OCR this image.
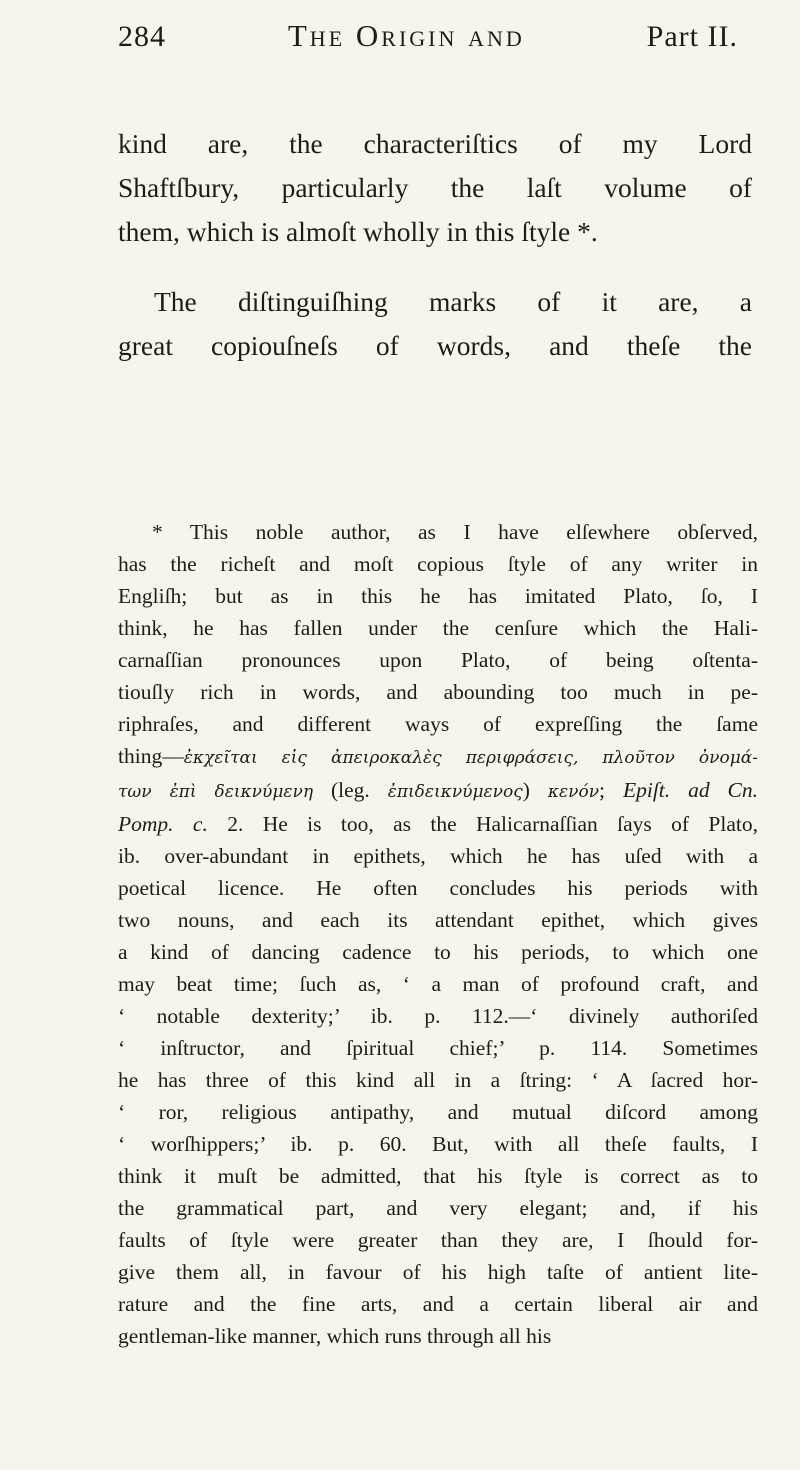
284	The Origin and	Part II.
kind are, the characteriſtics of my Lord
Shaftſbury, particularly the laſt volume of
them, which is almoſt wholly in this ſtyle *.
The diſtinguiſhing marks of it are, a
great copiouſneſs of words, and theſe the
* This noble author, as I have elſewhere obſerved,
has the richeſt and moſt copious ſtyle of any writer in
Engliſh; but as in this he has imitated Plato, ſo, I
think, he has fallen under the cenſure which the Hali-
carnaſſian pronounces upon Plato, of being oſtenta-
tiouſly rich in words, and abounding too much in pe-
riphraſes, and different ways of expreſſing the ſame
thing—ἐκχεῖται εἰς ἀπειροκαλὲς περιφράσεις, πλοῦτον ὀνομά-
των ἐπὶ δεικνύμενη (leg. ἐπιδεικνύμενος) κενόν; Epiſt. ad Cn.
Pomp. c. 2. He is too, as the Halicarnaſſian ſays of Plato,
ib. over-abundant in epithets, which he has uſed with a
poetical licence. He often concludes his periods with
two nouns, and each its attendant epithet, which gives
a kind of dancing cadence to his periods, to which one
may beat time; ſuch as, ‘ a man of profound craft, and
‘ notable dexterity;’ ib. p. 112.—‘ divinely authoriſed
‘ inſtructor, and ſpiritual chief;’ p. 114. Sometimes
he has three of this kind all in a ſtring: ‘ A ſacred hor-
‘ ror, religious antipathy, and mutual diſcord among
‘ worſhippers;’ ib. p. 60. But, with all theſe faults, I
think it muſt be admitted, that his ſtyle is correct as to
the grammatical part, and very elegant; and, if his
faults of ſtyle were greater than they are, I ſhould for-
give them all, in favour of his high taſte of antient lite-
rature and the fine arts, and a certain liberal air and
gentleman-like manner, which runs through all his
